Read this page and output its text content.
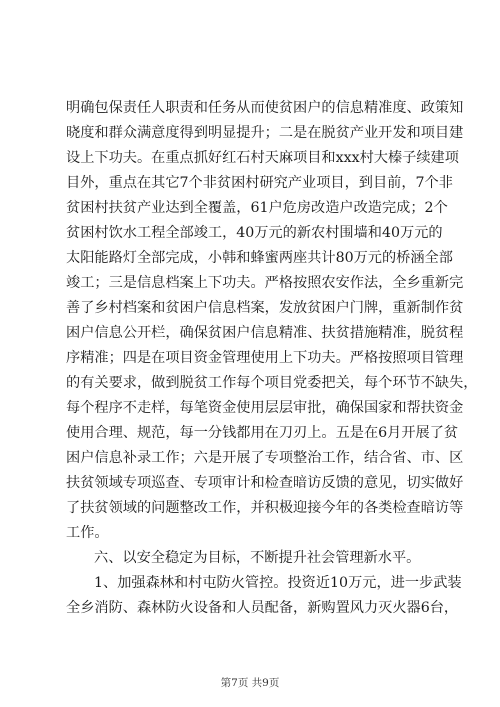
明确包保责任人职责和任务从而使贫困户的信息精准度、政策知
晓度和群众满意度得到明显提升；二是在脱贫产业开发和项目建
设上下功夫。在重点抓好红石村天麻项目和xxx村大榛子续建项
目外，重点在其它7个非贫困村研究产业项目，到目前，7个非
贫困村扶贫产业达到全覆盖，61户危房改造户改造完成；2个
贫困村饮水工程全部竣工，40万元的新农村围墙和40万元的
太阳能路灯全部完成，小韩和蜂蜜两座共计80万元的桥涵全部
竣工；三是信息档案上下功夫。严格按照农安作法，全乡重新完
善了乡村档案和贫困户信息档案，发放贫困户门牌，重新制作贫
困户信息公开栏，确保贫困户信息精准、扶贫措施精准，脱贫程
序精准；四是在项目资金管理使用上下功夫。严格按照项目管理
的有关要求，做到脱贫工作每个项目党委把关，每个环节不缺失，
每个程序不走样，每笔资金使用层层审批，确保国家和帮扶资金
使用合理、规范，每一分钱都用在刀刃上。五是在6月开展了贫
困户信息补录工作；六是开展了专项整治工作，结合省、市、区
扶贫领域专项巡查、专项审计和检查暗访反馈的意见，切实做好
了扶贫领域的问题整改工作，并积极迎接今年的各类检查暗访等
工作。
六、以安全稳定为目标，不断提升社会管理新水平。
1、加强森林和村屯防火管控。投资近10万元，进一步武装
全乡消防、森林防火设备和人员配备，新购置风力灭火器6台，
第7页 共9页
